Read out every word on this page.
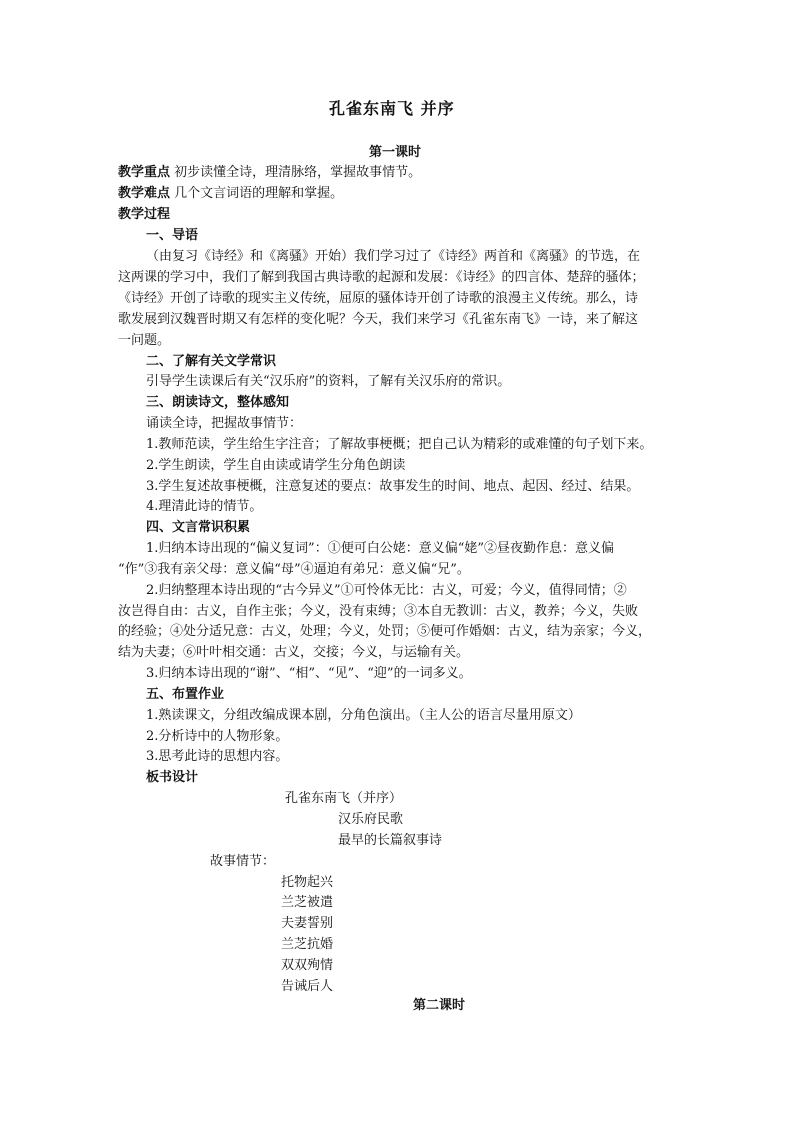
孔雀东南飞 并序
第一课时
教学重点 初步读懂全诗，理清脉络，掌握故事情节。
教学难点 几个文言词语的理解和掌握。
教学过程
一、导语
（由复习《诗经》和《离骚》开始）我们学习过了《诗经》两首和《离骚》的节选，在
这两课的学习中，我们了解到我国古典诗歌的起源和发展：《诗经》的四言体、楚辞的骚体；
《诗经》开创了诗歌的现实主义传统，屈原的骚体诗开创了诗歌的浪漫主义传统。那么，诗
歌发展到汉魏晋时期又有怎样的变化呢？今天，我们来学习《孔雀东南飞》一诗，来了解这
一问题。
二、了解有关文学常识
引导学生读课后有关“汉乐府”的资料，了解有关汉乐府的常识。
三、朗读诗文，整体感知
诵读全诗，把握故事情节：
1.教师范读，学生给生字注音；了解故事梗概；把自己认为精彩的或难懂的句子划下来。
2.学生朗读，学生自由读或请学生分角色朗读
3.学生复述故事梗概，注意复述的要点：故事发生的时间、地点、起因、经过、结果。
4.理清此诗的情节。
四、文言常识积累
1.归纳本诗出现的“偏义复词”：①便可白公姥：意义偏“姥”②昼夜勤作息：意义偏
“作”③我有亲父母：意义偏“母”④逼迫有弟兄：意义偏“兄”。
2.归纳整理本诗出现的“古今异义”①可怜体无比：古义，可爱；今义，值得同情；②
汝岂得自由：古义，自作主张；今义，没有束缚；③本自无教训：古义，教养；今义，失败
的经验；④处分适兄意：古义，处理；今义，处罚；⑤便可作婚姻：古义，结为亲家；今义，
结为夫妻；⑥叶叶相交通：古义，交接；今义，与运输有关。
3.归纳本诗出现的“谢”、“相”、“见”、“迎”的一词多义。
五、布置作业
1.熟读课文，分组改编成课本剧，分角色演出。（主人公的语言尽量用原文）
2.分析诗中的人物形象。
3.思考此诗的思想内容。
板书设计
孔雀东南飞（并序）
汉乐府民歌
最早的长篇叙事诗
故事情节：
托物起兴
兰芝被遣
夫妻誓别
兰芝抗婚
双双殉情
告诫后人
第二课时
